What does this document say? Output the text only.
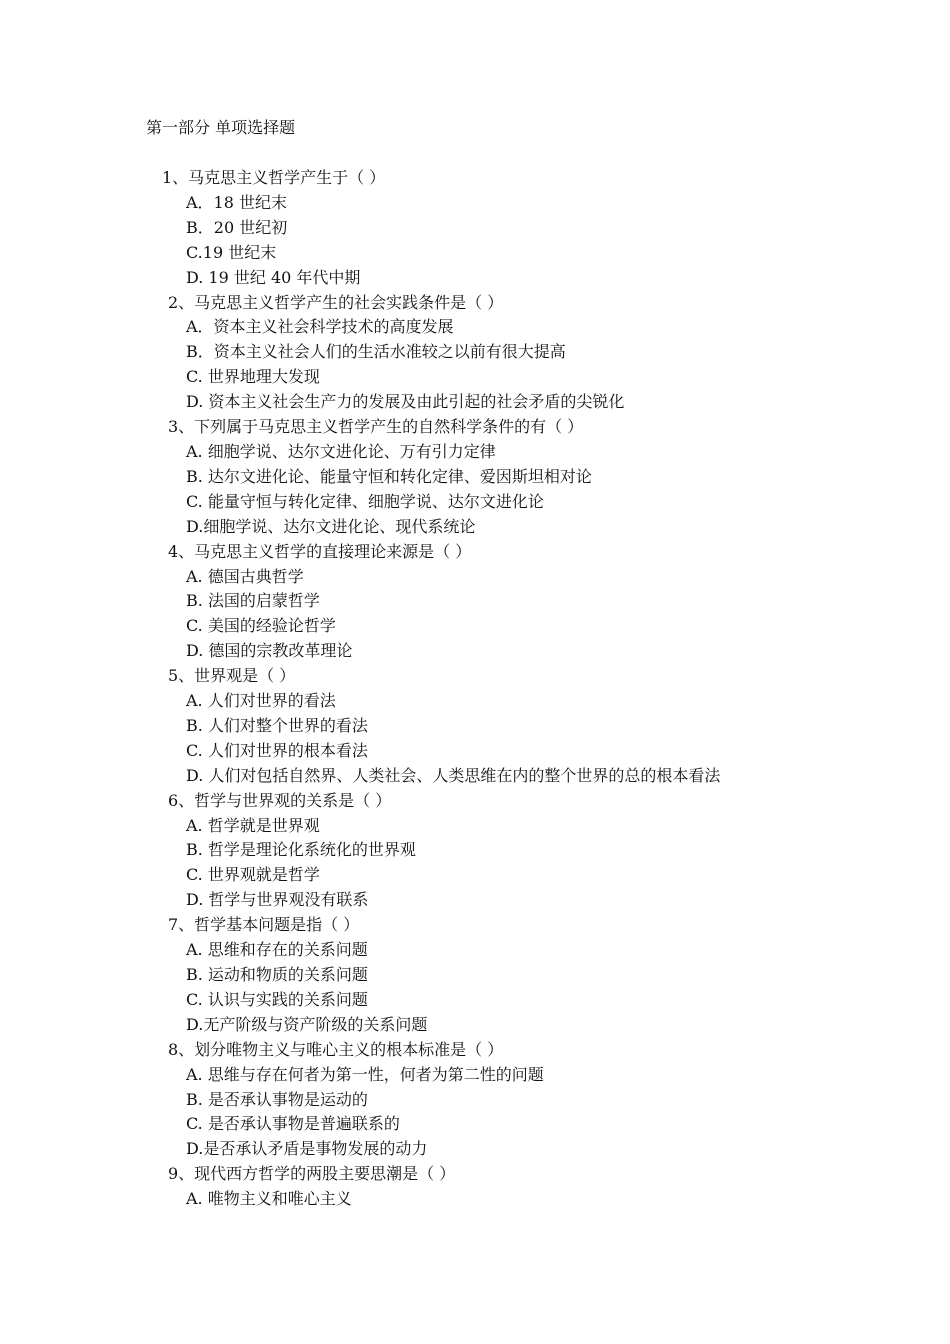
第一部分 单项选择题
1、马克思主义哲学产生于（ ）
A．18 世纪末
B．20 世纪初
C.19 世纪末
D. 19 世纪 40 年代中期
2、马克思主义哲学产生的社会实践条件是（ ）
A．资本主义社会科学技术的高度发展
B．资本主义社会人们的生活水准较之以前有很大提高
C. 世界地理大发现
D. 资本主义社会生产力的发展及由此引起的社会矛盾的尖锐化
3、下列属于马克思主义哲学产生的自然科学条件的有（ ）
A. 细胞学说、达尔文进化论、万有引力定律
B. 达尔文进化论、能量守恒和转化定律、爱因斯坦相对论
C. 能量守恒与转化定律、细胞学说、达尔文进化论
D.细胞学说、达尔文进化论、现代系统论
4、马克思主义哲学的直接理论来源是（ ）
A. 德国古典哲学
B. 法国的启蒙哲学
C. 美国的经验论哲学
D. 德国的宗教改革理论
5、世界观是（ ）
A. 人们对世界的看法
B. 人们对整个世界的看法
C. 人们对世界的根本看法
D. 人们对包括自然界、人类社会、人类思维在内的整个世界的总的根本看法
6、哲学与世界观的关系是（ ）
A. 哲学就是世界观
B. 哲学是理论化系统化的世界观
C. 世界观就是哲学
D. 哲学与世界观没有联系
7、哲学基本问题是指（ ）
A. 思维和存在的关系问题
B. 运动和物质的关系问题
C. 认识与实践的关系问题
D.无产阶级与资产阶级的关系问题
8、划分唯物主义与唯心主义的根本标准是（ ）
A. 思维与存在何者为第一性，何者为第二性的问题
B. 是否承认事物是运动的
C. 是否承认事物是普遍联系的
D.是否承认矛盾是事物发展的动力
9、现代西方哲学的两股主要思潮是（ ）
A. 唯物主义和唯心主义
